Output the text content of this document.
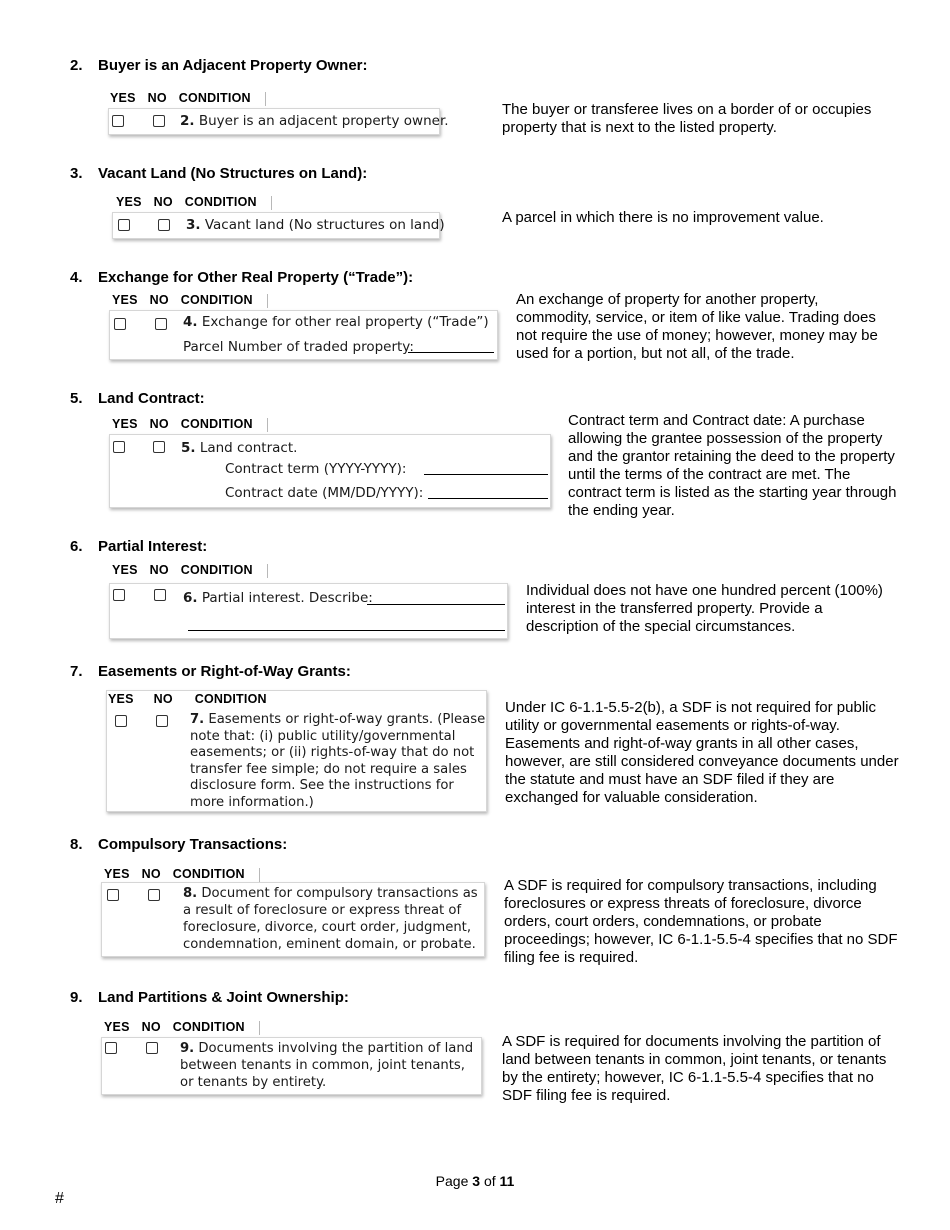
2. Buyer is an Adjacent Property Owner:
YES NO CONDITION
2. Buyer is an adjacent property owner.
The buyer or transferee lives on a border of or occupies property that is next to the listed property.
3. Vacant Land (No Structures on Land):
YES NO CONDITION
3. Vacant land (No structures on land)	A parcel in which there is no improvement value.
4. Exchange for Other Real Property (“Trade”):
YES NO CONDITION
4. Exchange for other real property (“Trade”)
Parcel Number of traded property:
An exchange of property for another property, commodity, service, or item of like value. Trading does not require the use of money; however, money may be used for a portion, but not all, of the trade.
5. Land Contract:
YES NO CONDITION
5. Land contract.
Contract term (YYYY-YYYY):
Contract date (MM/DD/YYYY):
Contract term and Contract date: A purchase allowing the grantee possession of the property and the grantor retaining the deed to the property until the terms of the contract are met. The contract term is listed as the starting year through the ending year.
6. Partial Interest:
YES NO CONDITION
6. Partial interest. Describe:	Individual does not have one hundred percent (100%) interest in the transferred property. Provide a description of the special circumstances.
7. Easements or Right-of-Way Grants:
YES NO CONDITION
7. Easements or right-of-way grants. (Please note that: (i) public utility/governmental easements; or (ii) rights-of-way that do not transfer fee simple; do not require a sales disclosure form. See the instructions for more information.)
Under IC 6-1.1-5.5-2(b), a SDF is not required for public utility or governmental easements or rights-of-way. Easements and right-of-way grants in all other cases, however, are still considered conveyance documents under the statute and must have an SDF filed if they are exchanged for valuable consideration.
8. Compulsory Transactions:
YES NO CONDITION
8. Document for compulsory transactions as a result of foreclosure or express threat of foreclosure, divorce, court order, judgment, condemnation, eminent domain, or probate.
A SDF is required for compulsory transactions, including foreclosures or express threats of foreclosure, divorce orders, court orders, condemnations, or probate proceedings; however, IC 6-1.1-5.5-4 specifies that no SDF filing fee is required.
9. Land Partitions & Joint Ownership:
YES NO CONDITION
9. Documents involving the partition of land between tenants in common, joint tenants, or tenants by entirety.
A SDF is required for documents involving the partition of land between tenants in common, joint tenants, or tenants by the entirety; however, IC 6-1.1-5.5-4 specifies that no SDF filing fee is required.
Page 3 of 11
#
